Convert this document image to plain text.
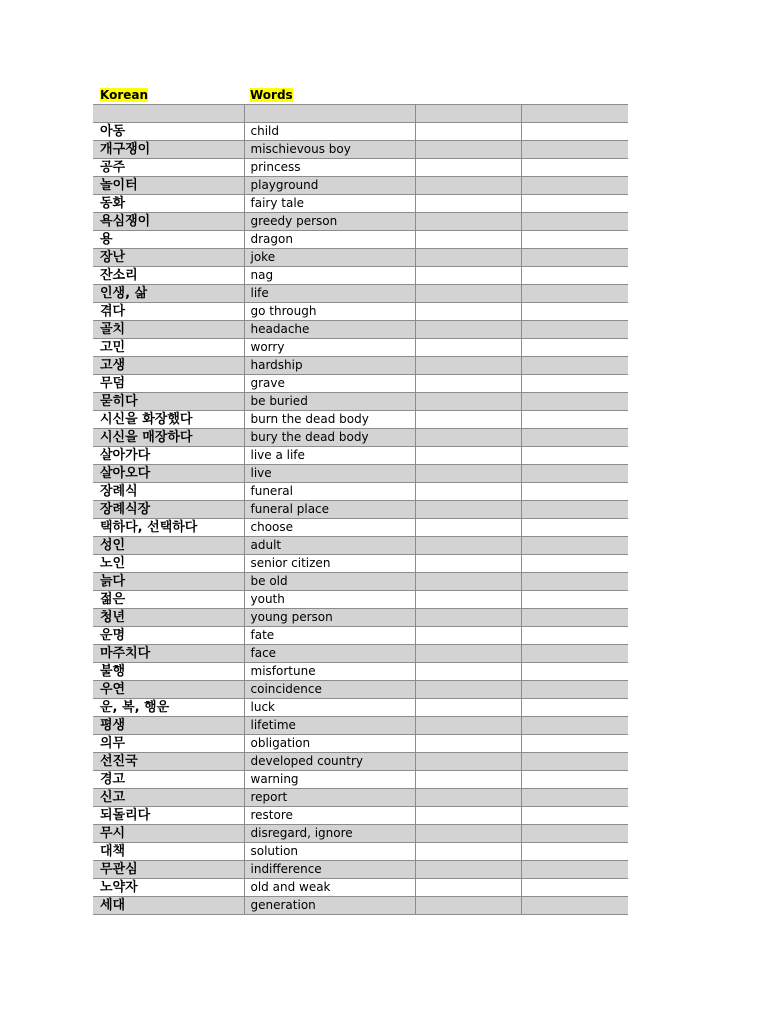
Korean	Words

아동	child		
개구쟁이	mischievous boy		
공주	princess		
놀이터	playground		
동화	fairy tale		
욕심쟁이	greedy person		
용	dragon		
장난	joke		
잔소리	nag		
인생, 삶	life		
겪다	go through		
골치	headache		
고민	worry		
고생	hardship		
무덤	grave		
묻히다	be buried		
시신을 화장했다	burn the dead body		
시신을 매장하다	bury the dead body		
살아가다	live a life		
살아오다	live		
장례식	funeral		
장례식장	funeral place		
택하다, 선택하다	choose		
성인	adult		
노인	senior citizen		
늙다	be old		
젊은	youth		
청년	young person		
운명	fate		
마주치다	face		
불행	misfortune		
우연	coincidence		
운, 복, 행운	luck		
평생	lifetime		
의무	obligation		
선진국	developed country		
경고	warning		
신고	report		
되돌리다	restore		
무시	disregard, ignore		
대책	solution		
무관심	indifference		
노약자	old and weak		
세대	generation		
